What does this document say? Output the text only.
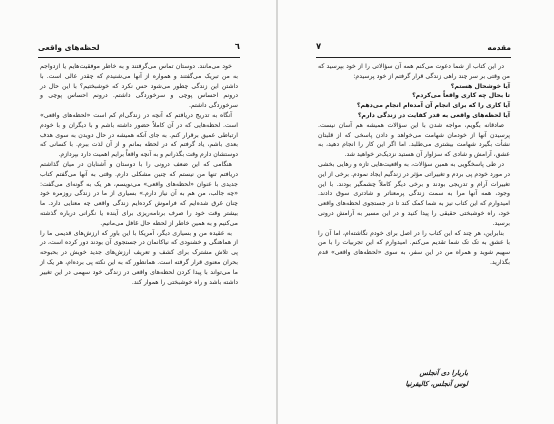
٦
لحظه‌های واقعی

خود می‌مانند. دوستان تماس می‌گرفتند و به خاطر موفقیت‌هایم یا ازدواجم به من تبریک می‌گفتند و همواره از آنها می‌شنیدم که چقدر عالی است. با داشتن این زندگی چطور می‌شود حس نکرد که خوشبختیم؟ با این حال در درونم احساس پوچی و سرخوردگی داشتم. درونم احساس پوچی و سرخوردگی داشتم.

آنگاه به تدریج دریافتم که آنچه در زندگی‌ام کم است «لحظه‌های واقعی» است. لحظه‌هایی که در آن کاملاً حضور داشته باشم و با دیگران و با خودم ارتباطی عمیق برقرار کنم. به جای آنکه همیشه در حال دویدن به سوی هدف بعدی باشم، یاد گرفتم که در لحظه بمانم و از آن لذت ببرم. با کسانی که دوستشان دارم وقت بگذرانم و به آنچه واقعاً برایم اهمیت دارد بپردازم.

هنگامی که این ضعف درونی را با دوستان و آشنایان در میان گذاشتم دریافتم تنها من نیستم که چنین مشکلی دارم. وقتی به آنها می‌گفتم کتاب جدیدی با عنوان «لحظه‌های واقعی» می‌نویسم، هر یک به گونه‌ای می‌گفت: «چه جالب، من هم به آن نیاز دارم.» بسیاری از ما در زندگی روزمره خود چنان غرق شده‌ایم که فراموش کرده‌ایم زندگی واقعی چه معنایی دارد. ما بیشتر وقت خود را صرف برنامه‌ریزی برای آینده یا نگرانی درباره گذشته می‌کنیم و به همین خاطر از لحظه حال غافل می‌مانیم.

به عقیده من و بسیاری دیگر، آمریکا با این باور که ارزش‌های قدیمی ما را از هماهنگی و خشنودی که نیاکانمان در جستجوی آن بودند دور کرده است، در پی تلاش مشترک برای کشف و تعریف ارزش‌های جدید خویش در بحبوحه بحران معنوی قرار گرفته است. همانطور که به این نکته پی برده‌ام، هر یک از ما می‌تواند با پیدا کردن لحظه‌های واقعی در زندگی خود سهمی در این تغییر داشته باشد و راه خوشبختی را هموار کند.

٧	مقدمه

در این کتاب از شما دعوت می‌کنم همه آن سؤالاتی را از خود بپرسید که من وقتی بر سر چند راهی زندگی قرار گرفتم از خود پرسیدم:

آیا خوشحال هستم؟

تا بحال چه کاری واقعاً می‌کردم؟

آیا کاری را که برای انجام آن آمده‌ام انجام می‌دهم؟

آیا لحظه‌های واقعی به قدر کفایت در زندگی دارم؟

صادقانه بگویم، مواجه شدن با این سؤالات همیشه هم آسان نیست. پرسیدن آنها از خودمان شهامت می‌خواهد و دادن پاسخی که از قلبتان نشأت بگیرد شهامت بیشتری می‌طلبد. اما اگر این کار را انجام دهید، به عشق، آرامش و شادی که سزاوار آن هستید نزدیک‌تر خواهید شد.

در طی پاسخگویی به همین سؤالات، به واقعیت‌هایی تازه و رهایی بخشی در مورد خودم پی بردم و تغییراتی مؤثر در زندگیم ایجاد نمودم. برخی از این تغییرات آرام و تدریجی بودند و برخی دیگر کاملاً چشمگیر بودند. با این وجود، همه آنها مرا به سمت زندگی پرمعنا‌تر و شادتری سوق دادند. امیدوارم که این کتاب نیز به شما کمک کند تا در جستجوی لحظه‌های واقعی خود، راه خوشبختی حقیقی را پیدا کنید و در این مسیر به آرامش درونی برسید.

بنابراین، هر چند که این کتاب را در اصل برای خودم نگاشته‌ام، اما آن را با عشق به تک تک شما تقدیم می‌کنم. امیدوارم که این تجربیات را با من سهیم شوید و همراه من در این سفر، به سوی «لحظه‌های واقعی» قدم بگذارید.

باربارا دی آنجلس
لوس آنجلس، کالیفرنیا
